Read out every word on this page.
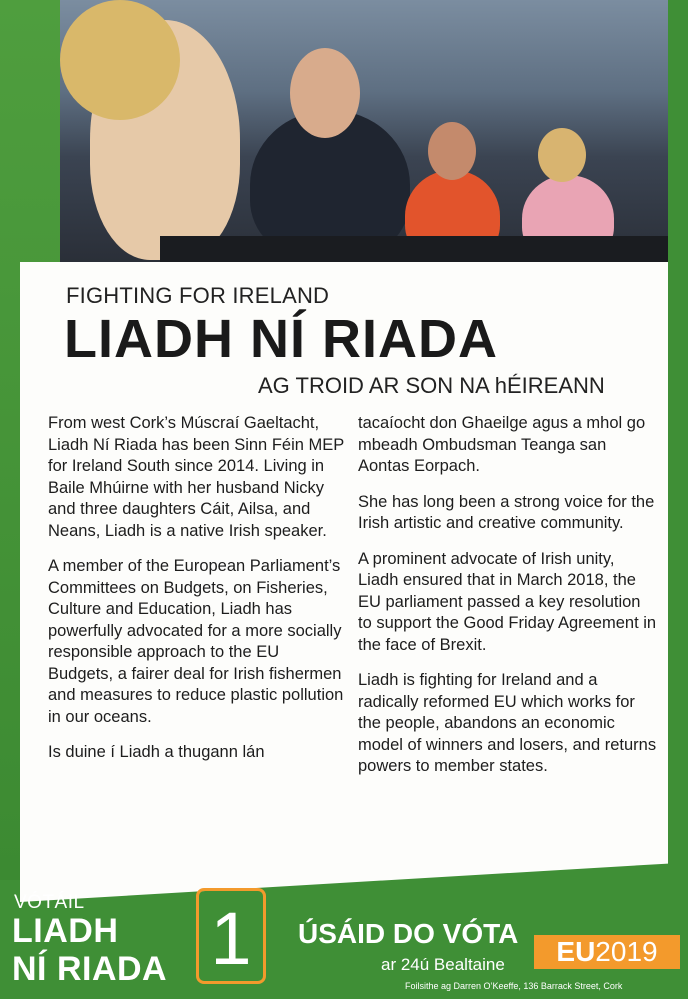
FIGHTING FOR IRELAND
LIADH NÍ RIADA
AG TROID AR SON NA hÉIREANN

From west Cork’s Múscraí Gaeltacht, Liadh Ní Riada has been Sinn Féin MEP for Ireland South since 2014. Living in Baile Mhúirne with her husband Nicky and three daughters Cáit, Ailsa, and Neans, Liadh is a native Irish speaker.

A member of the European Parliament’s Committees on Budgets, on Fisheries, Culture and Education, Liadh has powerfully advocated for a more socially responsible approach to the EU Budgets, a fairer deal for Irish fishermen and measures to reduce plastic pollution in our oceans.

Is duine í Liadh a thugann lán

tacaíocht don Ghaeilge agus a mhol go mbeadh Ombudsman Teanga san Aontas Eorpach.

She has long been a strong voice for the Irish artistic and creative community.

A prominent advocate of Irish unity, Liadh ensured that in March 2018, the EU parliament passed a key resolution to support the Good Friday Agreement in the face of Brexit.

Liadh is fighting for Ireland and a radically reformed EU which works for the people, abandons an economic model of winners and losers, and returns powers to member states.

VÓTÁIL
LIADH
NÍ RIADA 1	ÚSÁID DO VÓTA
ar 24ú Bealtaine	EU2019
Foilsithe ag Darren O’Keeffe, 136 Barrack Street, Cork
